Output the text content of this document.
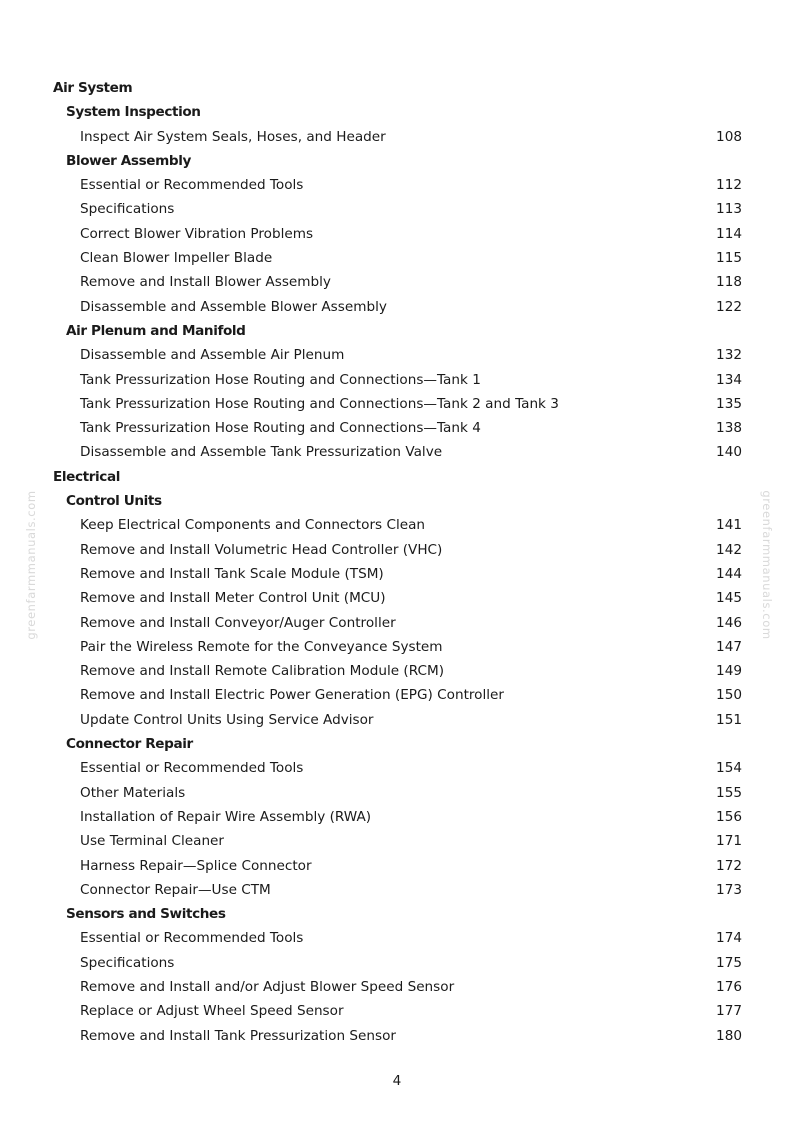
Air System
System Inspection
Inspect Air System Seals, Hoses, and Header	108
Blower Assembly
Essential or Recommended Tools	112
Specifications	113
Correct Blower Vibration Problems	114
Clean Blower Impeller Blade	115
Remove and Install Blower Assembly	118
Disassemble and Assemble Blower Assembly	122
Air Plenum and Manifold
Disassemble and Assemble Air Plenum	132
Tank Pressurization Hose Routing and Connections—Tank 1	134
Tank Pressurization Hose Routing and Connections—Tank 2 and Tank 3	135
Tank Pressurization Hose Routing and Connections—Tank 4	138
Disassemble and Assemble Tank Pressurization Valve	140
Electrical
Control Units
Keep Electrical Components and Connectors Clean	141
Remove and Install Volumetric Head Controller (VHC)	142
Remove and Install Tank Scale Module (TSM)	144
Remove and Install Meter Control Unit (MCU)	145
Remove and Install Conveyor/Auger Controller	146
Pair the Wireless Remote for the Conveyance System	147
Remove and Install Remote Calibration Module (RCM)	149
Remove and Install Electric Power Generation (EPG) Controller	150
Update Control Units Using Service Advisor	151
Connector Repair
Essential or Recommended Tools	154
Other Materials	155
Installation of Repair Wire Assembly (RWA)	156
Use Terminal Cleaner	171
Harness Repair—Splice Connector	172
Connector Repair—Use CTM	173
Sensors and Switches
Essential or Recommended Tools	174
Specifications	175
Remove and Install and/or Adjust Blower Speed Sensor	176
Replace or Adjust Wheel Speed Sensor	177
Remove and Install Tank Pressurization Sensor	180
greenfarmmanuals.com	greenfarmmanuals.com
4
